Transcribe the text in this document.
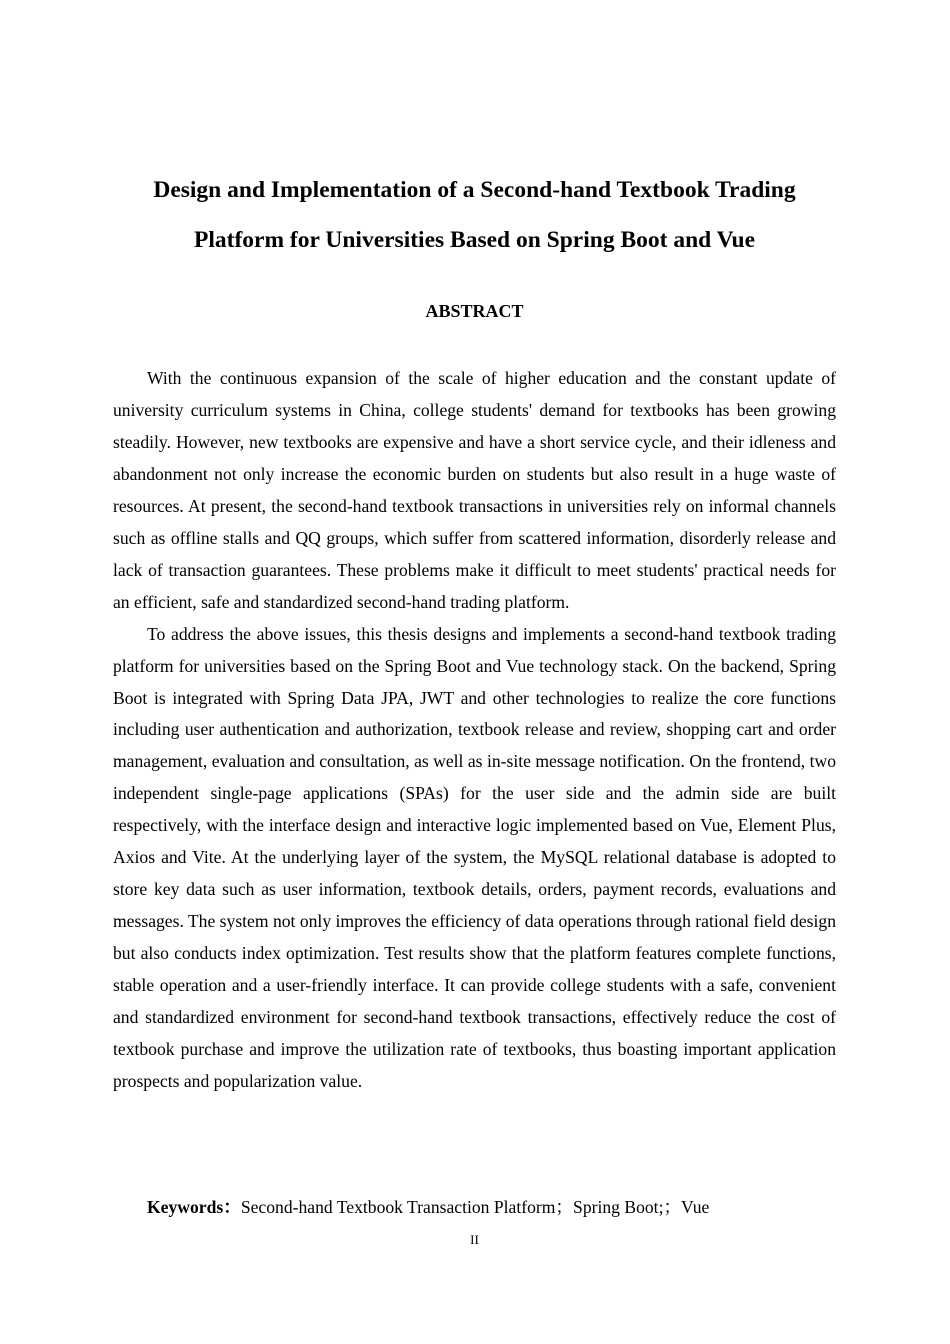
Design and Implementation of a Second-hand Textbook Trading
Platform for Universities Based on Spring Boot and Vue
ABSTRACT

With the continuous expansion of the scale of higher education and the constant update of university curriculum systems in China, college students' demand for textbooks has been growing steadily. However, new textbooks are expensive and have a short service cycle, and their idleness and abandonment not only increase the economic burden on students but also result in a huge waste of resources. At present, the second-hand textbook transactions in universities rely on informal channels such as offline stalls and QQ groups, which suffer from scattered information, disorderly release and lack of transaction guarantees. These problems make it difficult to meet students' practical needs for an efficient, safe and standardized second-hand trading platform.

To address the above issues, this thesis designs and implements a second-hand textbook trading platform for universities based on the Spring Boot and Vue technology stack. On the backend, Spring Boot is integrated with Spring Data JPA, JWT and other technologies to realize the core functions including user authentication and authorization, textbook release and review, shopping cart and order management, evaluation and consultation, as well as in-site message notification. On the frontend, two independent single-page applications (SPAs) for the user side and the admin side are built respectively, with the interface design and interactive logic implemented based on Vue, Element Plus, Axios and Vite. At the underlying layer of the system, the MySQL relational database is adopted to store key data such as user information, textbook details, orders, payment records, evaluations and messages. The system not only improves the efficiency of data operations through rational field design but also conducts index optimization. Test results show that the platform features complete functions, stable operation and a user-friendly interface. It can provide college students with a safe, convenient and standardized environment for second-hand textbook transactions, effectively reduce the cost of textbook purchase and improve the utilization rate of textbooks, thus boasting important application prospects and popularization value.

Keywords：Second-hand Textbook Transaction Platform；Spring Boot;；Vue

II
